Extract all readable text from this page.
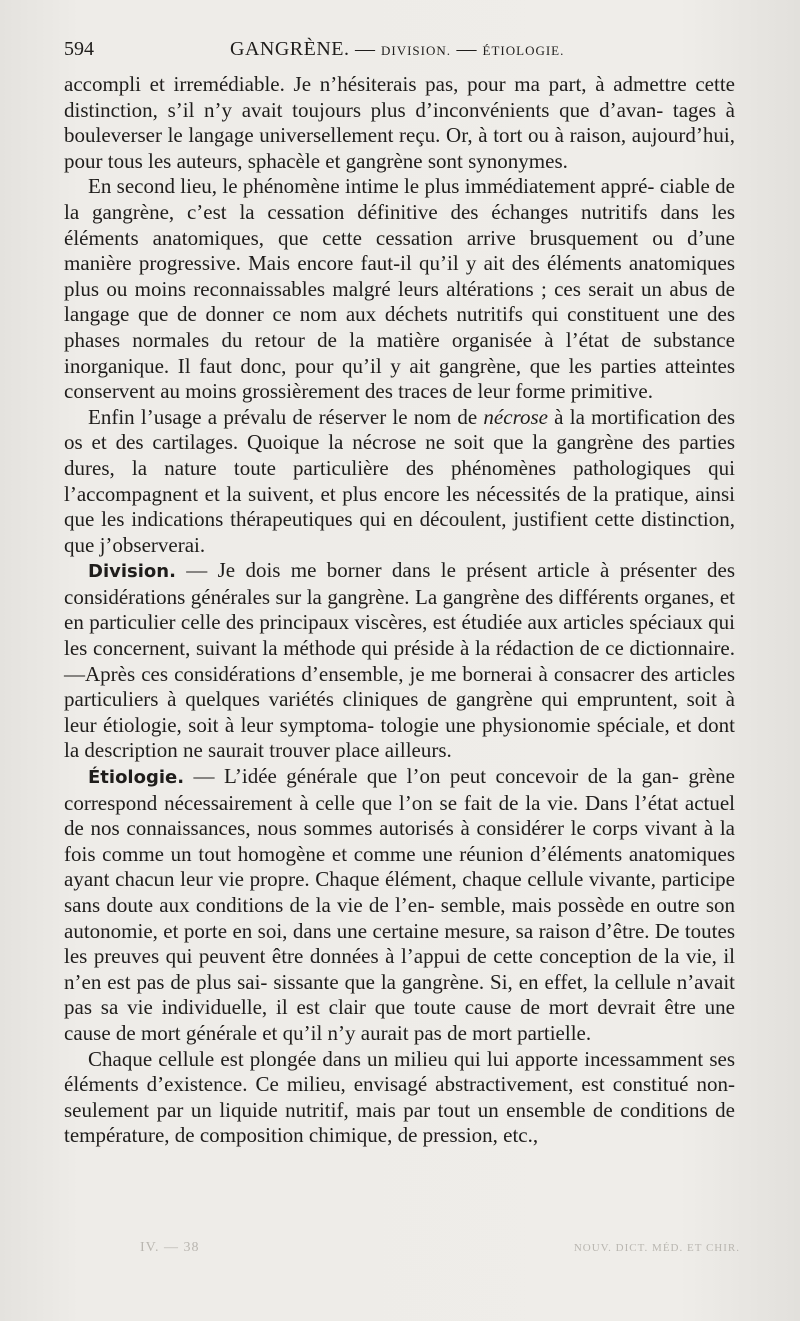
594	GANGRÈNE. — DIVISION. — ÉTIOLOGIE.

accompli et irremédiable. Je n’hésiterais pas, pour ma part, à admettre cette distinction, s’il n’y avait toujours plus d’inconvénients que d’avan- tages à bouleverser le langage universellement reçu. Or, à tort ou à raison, aujourd’hui, pour tous les auteurs, sphacèle et gangrène sont synonymes.

En second lieu, le phénomène intime le plus immédiatement appré- ciable de la gangrène, c’est la cessation définitive des échanges nutritifs dans les éléments anatomiques, que cette cessation arrive brusquement ou d’une manière progressive. Mais encore faut-il qu’il y ait des éléments anatomiques plus ou moins reconnaissables malgré leurs altérations ; ces serait un abus de langage que de donner ce nom aux déchets nutritifs qui constituent une des phases normales du retour de la matière organisée à l’état de substance inorganique. Il faut donc, pour qu’il y ait gangrène, que les parties atteintes conservent au moins grossièrement des traces de leur forme primitive.

Enfin l’usage a prévalu de réserver le nom de nécrose à la mortification des os et des cartilages. Quoique la nécrose ne soit que la gangrène des parties dures, la nature toute particulière des phénomènes pathologiques qui l’accompagnent et la suivent, et plus encore les nécessités de la pratique, ainsi que les indications thérapeutiques qui en découlent, justifient cette distinction, que j’observerai.

Division. — Je dois me borner dans le présent article à présenter des considérations générales sur la gangrène. La gangrène des différents organes, et en particulier celle des principaux viscères, est étudiée aux articles spéciaux qui les concernent, suivant la méthode qui préside à la rédaction de ce dictionnaire.—Après ces considérations d’ensemble, je me bornerai à consacrer des articles particuliers à quelques variétés cliniques de gangrène qui empruntent, soit à leur étiologie, soit à leur symptoma- tologie une physionomie spéciale, et dont la description ne saurait trouver place ailleurs.

Étiologie. — L’idée générale que l’on peut concevoir de la gan- grène correspond nécessairement à celle que l’on se fait de la vie. Dans l’état actuel de nos connaissances, nous sommes autorisés à considérer le corps vivant à la fois comme un tout homogène et comme une réunion d’éléments anatomiques ayant chacun leur vie propre. Chaque élément, chaque cellule vivante, participe sans doute aux conditions de la vie de l’en- semble, mais possède en outre son autonomie, et porte en soi, dans une certaine mesure, sa raison d’être. De toutes les preuves qui peuvent être données à l’appui de cette conception de la vie, il n’en est pas de plus sai- sissante que la gangrène. Si, en effet, la cellule n’avait pas sa vie individuelle, il est clair que toute cause de mort devrait être une cause de mort générale et qu’il n’y aurait pas de mort partielle.

Chaque cellule est plongée dans un milieu qui lui apporte incessamment ses éléments d’existence. Ce milieu, envisagé abstractivement, est constitué non-seulement par un liquide nutritif, mais par tout un ensemble de conditions de température, de composition chimique, de pression, etc.,

IV. — 38	NOUV. DICT. MÉD. ET CHIR.
